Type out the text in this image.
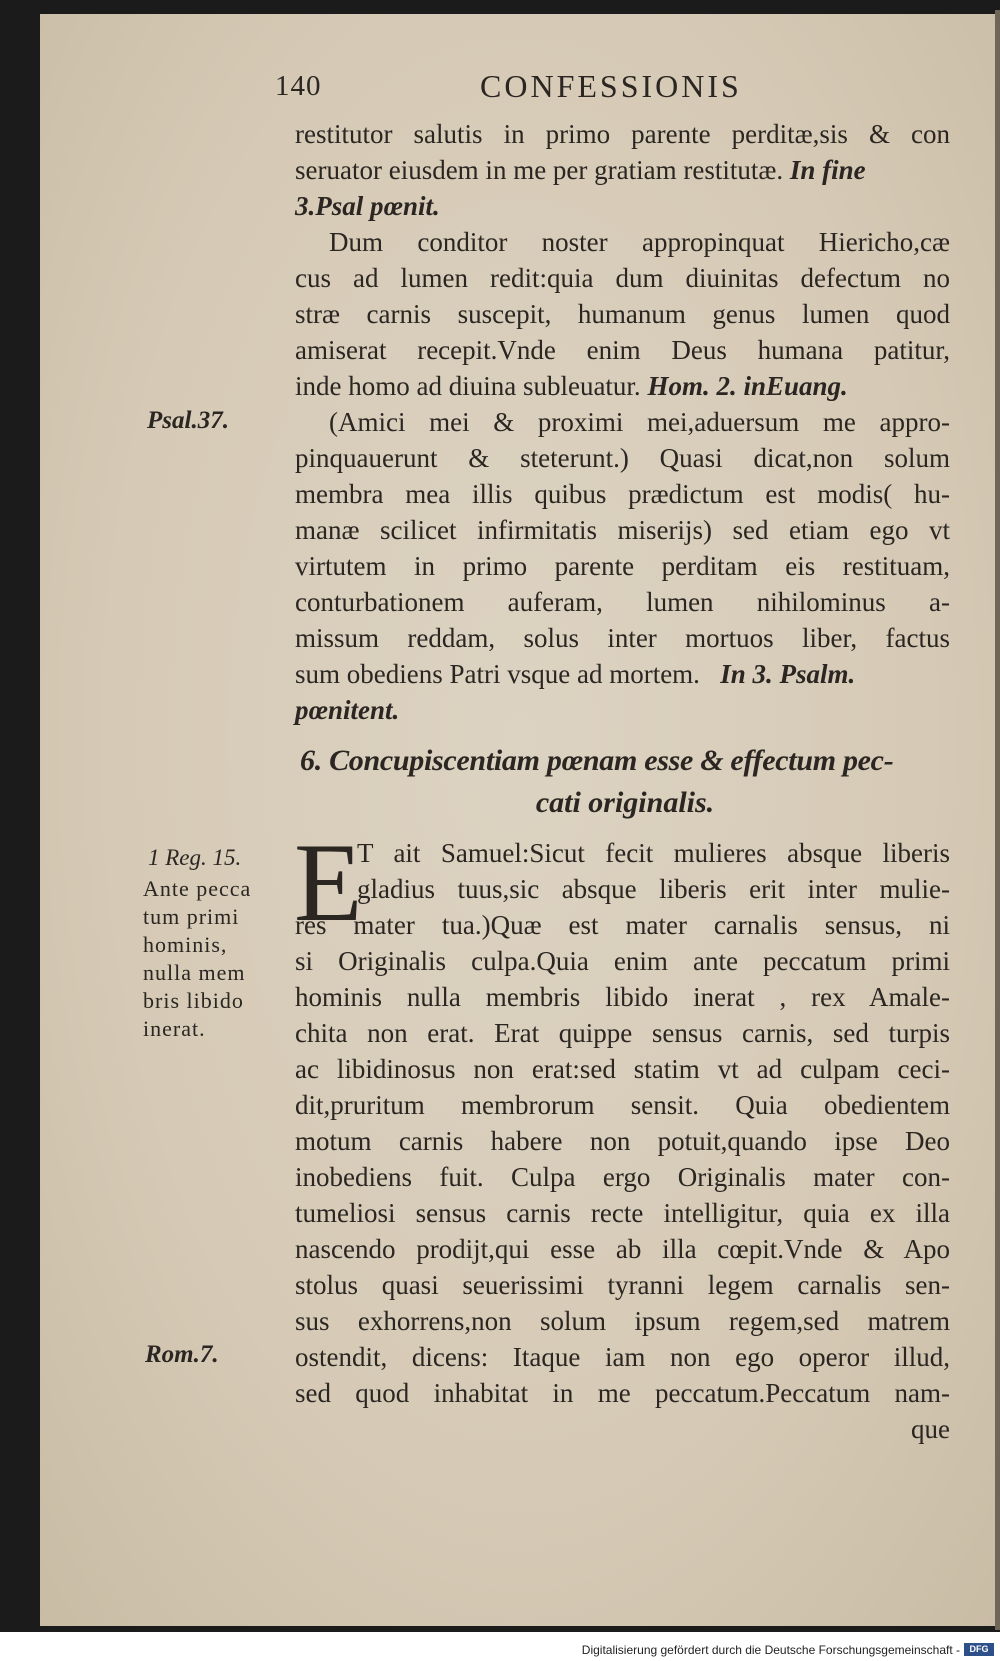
140	CONFESSIONIS
restitutor salutis in primo parente perditæ,sis & con
seruator eiusdem in me per gratiam restitutæ.
In fine
3.Psal pœnit.
Dum conditor noster appropinquat Hiericho,cæ
cus ad lumen redit:quia dum diuinitas defectum no
stræ carnis suscepit, humanum genus lumen quod
amiserat recepit.Vnde enim Deus humana patitur,
inde homo ad diuina subleuatur.
Hom. 2. inEuang.
(Amici mei & proximi mei,aduersum me appro-
pinquauerunt & steterunt.) Quasi dicat,non solum
membra mea illis quibus prædictum est modis( hu-
manæ scilicet infirmitatis miserijs) sed etiam ego vt
virtutem in primo parente perditam eis restituam,
conturbationem auferam, lumen nihilominus a-
missum reddam, solus inter mortuos liber, factus
sum obediens Patri vsque ad mortem.
In 3. Psalm.
pœnitent.
6. Concupiscentiam pœnam esse & effectum pec-
cati originalis.
E
T ait Samuel:Sicut fecit mulieres absque liberis
gladius tuus,sic absque liberis erit inter mulie-
res mater tua.)Quæ est mater carnalis sensus, ni
si Originalis culpa.Quia enim ante peccatum primi
hominis nulla membris libido inerat , rex Amale-
chita non erat. Erat quippe sensus carnis, sed turpis
ac libidinosus non erat:sed statim vt ad culpam ceci-
dit,pruritum membrorum sensit. Quia obedientem
motum carnis habere non potuit,quando ipse Deo
inobediens fuit. Culpa ergo Originalis mater con-
tumeliosi sensus carnis recte intelligitur, quia ex illa
nascendo prodijt,qui esse ab illa cœpit.Vnde & Apo
stolus quasi seuerissimi tyranni legem carnalis sen-
sus exhorrens,non solum ipsum regem,sed matrem
ostendit, dicens: Itaque iam non ego operor illud,
sed quod inhabitat in me peccatum.Peccatum nam-
que
Psal.37.
1 Reg. 15.
Ante pecca
tum primi
hominis,
nulla mem
bris libido
inerat.
Rom.7.
Digitalisierung gefördert durch die Deutsche Forschungsgemeinschaft -	DFG
